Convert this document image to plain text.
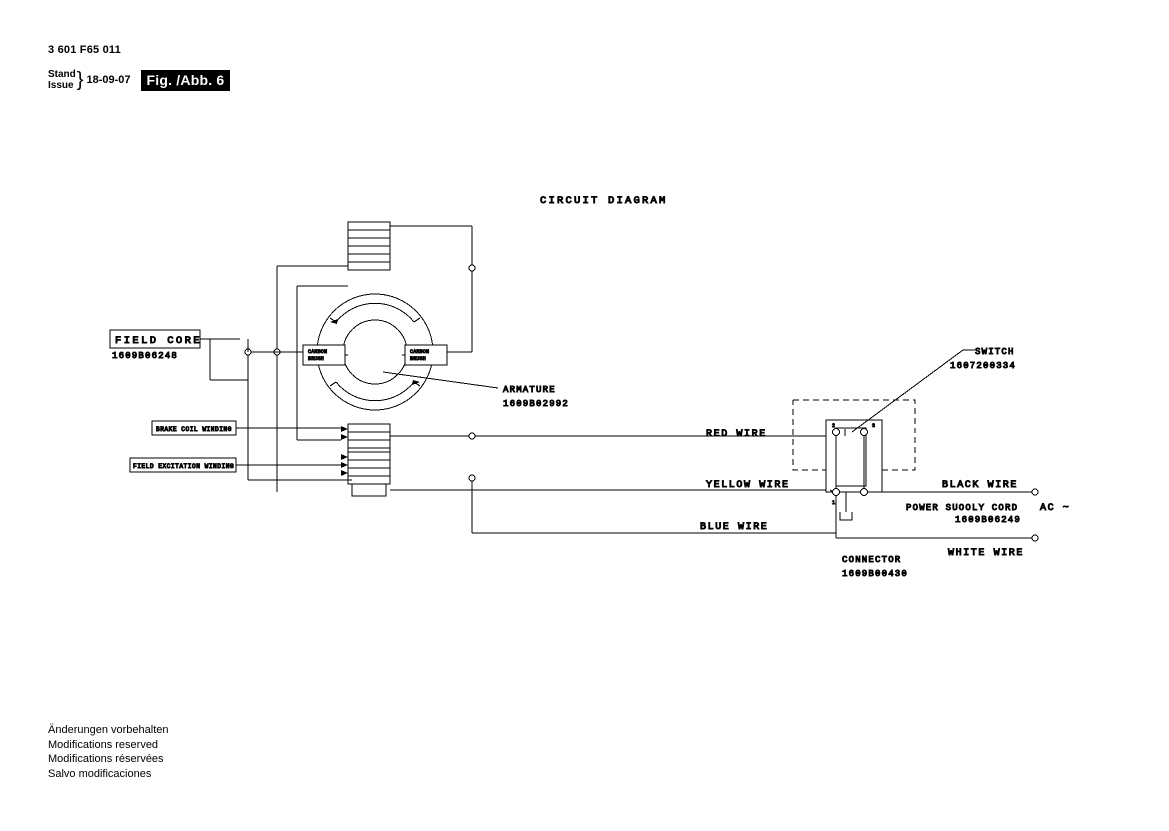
3 601 F65 011
Stand
Issue } 18-09-07	Fig. /Abb. 6
CIRCUIT DIAGRAM
ARMATURE
1609B02992
CARBON
BRUSH
CARBON
BRUSH
FIELD CORE
1609B06248
BRAKE COIL WINDING
FIELD EXCITATION WINDING
RED WIRE
YELLOW WIRE
BLUE WIRE
2	3
1
SWITCH
1607200334
BLACK WIRE
WHITE WIRE
POWER SUOOLY CORD
1609B06249
AC ~
CONNECTOR
1609B00430
Änderungen vorbehalten
Modifications reserved
Modifications réservées
Salvo modificaciones
